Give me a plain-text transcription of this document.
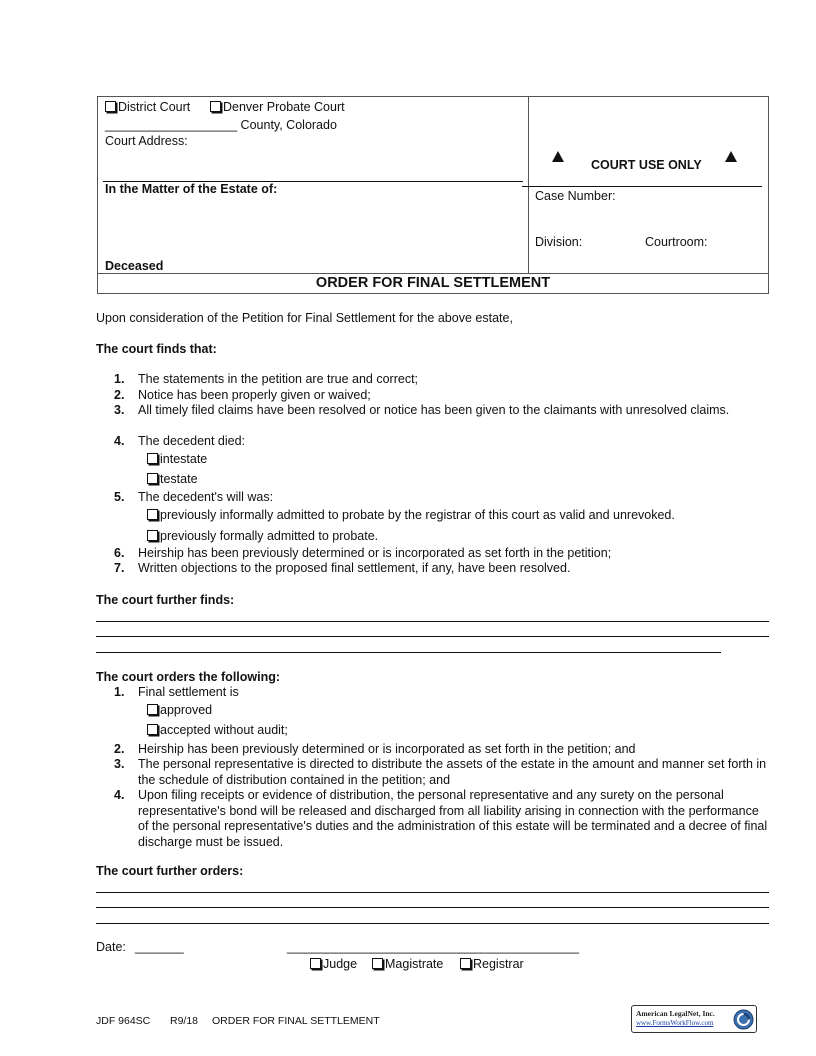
District Court	Denver Probate Court
___________________ County, Colorado
Court Address:
In the Matter of the Estate of:
Deceased
COURT USE ONLY
Case Number:
Division:	Courtroom:
ORDER FOR FINAL SETTLEMENT
Upon consideration of the Petition for Final Settlement for the above estate,
The court finds that:
1.	The statements in the petition are true and correct;
2.	Notice has been properly given or waived;
3.	All timely filed claims have been resolved or notice has been given to the claimants with unresolved claims.
4.	The decedent died:
intestate
testate
5.	The decedent's will was:
previously informally admitted to probate by the registrar of this court as valid and unrevoked.
previously formally admitted to probate.
6.	Heirship has been previously determined or is incorporated as set forth in the petition;
7.	Written objections to the proposed final settlement, if any, have been resolved.
The court further finds:
The court orders the following:
1.	Final settlement is
approved
accepted without audit;
2.	Heirship has been previously determined or is incorporated as set forth in the petition; and
3.	The personal representative is directed to distribute the assets of the estate in the amount and manner set forth in the schedule of distribution contained in the petition; and
4.	Upon filing receipts or evidence of distribution, the personal representative and any surety on the personal representative's bond will be released and discharged from all liability arising in connection with the performance of the personal representative's duties and the administration of this estate will be terminated and a decree of final discharge must be issued.
The court further orders:
Date: _______	__________________________________________
Judge	Magistrate	Registrar
JDF 964SC R9/18 ORDER FOR FINAL SETTLEMENT
American LegalNet, Inc.
www.FormsWorkFlow.com
